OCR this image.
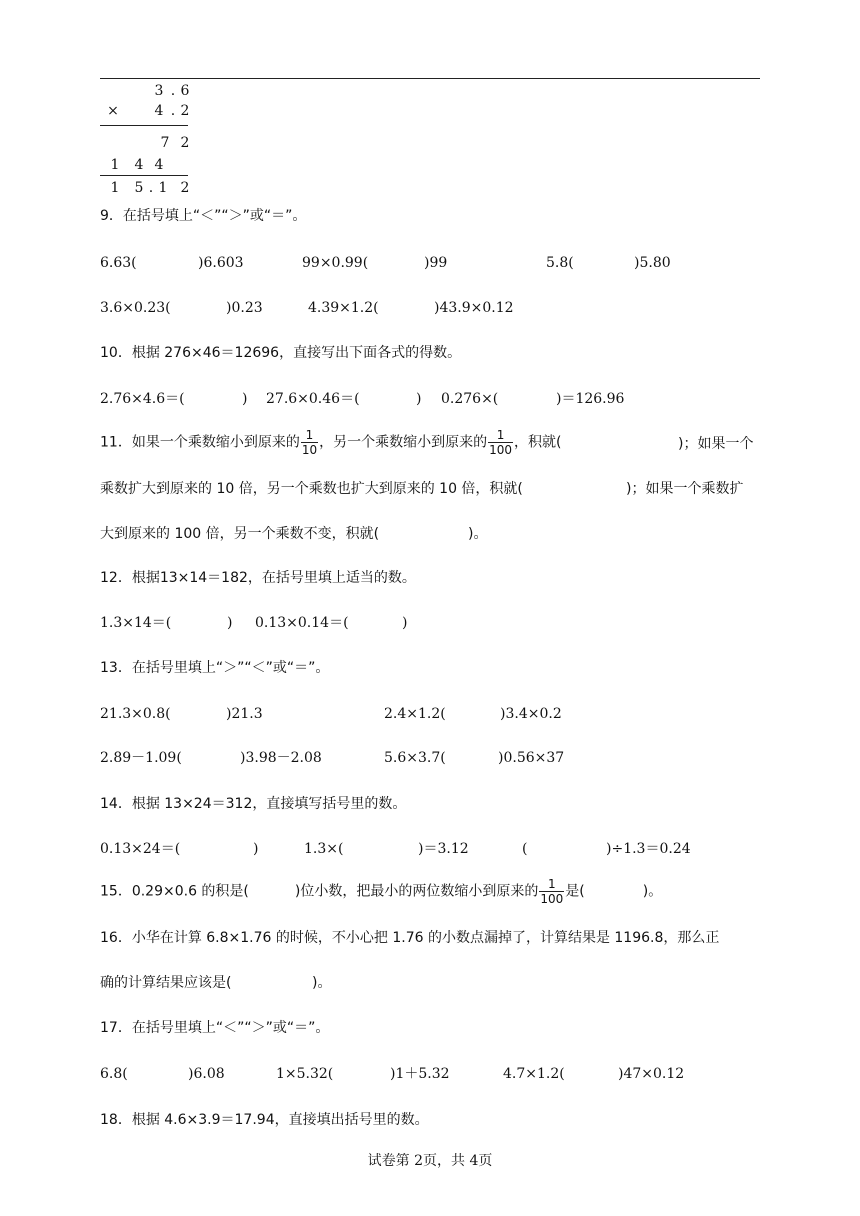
3 . 6
×	4 . 2
7 2
1 4 4
1 5 . 1 2
9．在括号填上“＜”“＞”或“＝”。
6.63(	)6.603	99×0.99(	)99	5.8(	)5.80
3.6×0.23(	)0.23	4.39×1.2(	)43.9×0.12
10．根据 276×46＝12696，直接写出下面各式的得数。
2.76×4.6＝(	) 27.6×0.46＝(	) 0.276×(	)＝126.96
11．如果一个乘数缩小到原来的 $\frac{1}{10}$ ，另一个乘数缩小到原来的 $\frac{1}{100}$ ，积就(	)；如果一个
乘数扩大到原来的 10 倍，另一个乘数也扩大到原来的 10 倍，积就(	)；如果一个乘数扩
大到原来的 100 倍，另一个乘数不变，积就(	)。
12．根据13×14＝182，在括号里填上适当的数。
1.3×14＝(	) 0.13×0.14＝(	)
13．在括号里填上“＞”“＜”或“＝”。
21.3×0.8(	)21.3	2.4×1.2(	)3.4×0.2
2.89－1.09(	)3.98－2.08	5.6×3.7(	)0.56×37
14．根据 13×24＝312，直接填写括号里的数。
0.13×24＝(	)	1.3×(	)＝3.12	(	)÷1.3＝0.24
15．0.29×0.6 的积是(	)位小数，把最小的两位数缩小到原来的 $\frac{1}{100}$ 是(	)。
16．小华在计算 6.8×1.76 的时候，不小心把 1.76 的小数点漏掉了，计算结果是 1196.8，那么正
确的计算结果应该是(	)。
17．在括号里填上“＜”“＞”或“＝”。
6.8(	)6.08	1×5.32(	)1＋5.32	4.7×1.2(	)47×0.12
18．根据 4.6×3.9＝17.94，直接填出括号里的数。
试卷第 2页，共 4页
